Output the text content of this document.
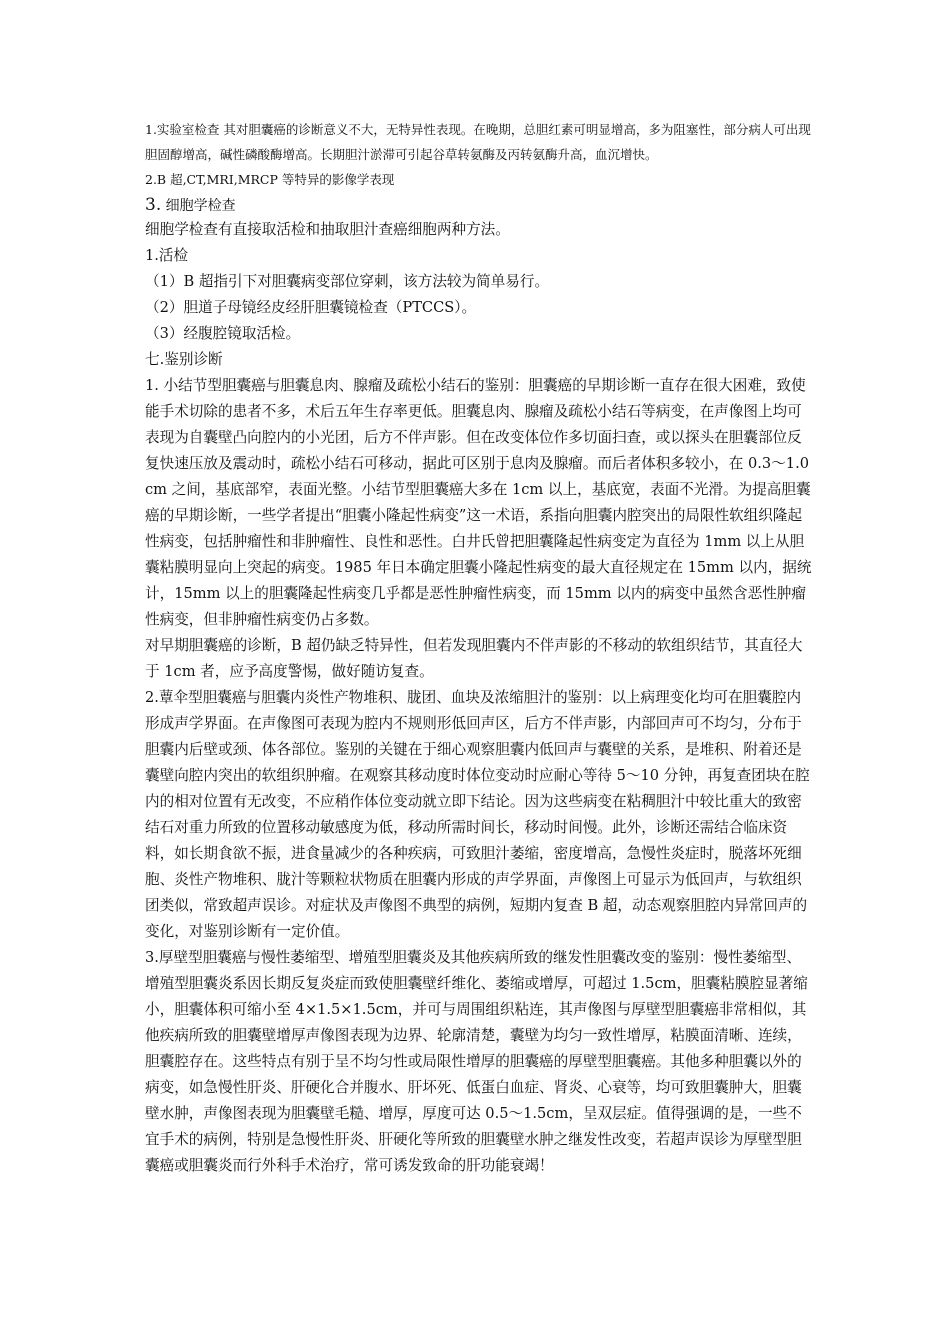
1.实验室检查 其对胆囊癌的诊断意义不大，无特异性表现。在晚期，总胆红素可明显增高，多为阻塞性，部分病人可出现胆固醇增高，碱性磷酸酶增高。长期胆汁淤滞可引起谷草转氨酶及丙转氨酶升高，血沉增快。

2.B 超,CT,MRI,MRCP 等特异的影像学表现

3. 细胞学检查

细胞学检查有直接取活检和抽取胆汁查癌细胞两种方法。

1.活检

（1）B 超指引下对胆囊病变部位穿刺，该方法较为简单易行。

（2）胆道子母镜经皮经肝胆囊镜检查（PTCCS）。

（3）经腹腔镜取活检。

七.鉴别诊断

1. 小结节型胆囊癌与胆囊息肉、腺瘤及疏松小结石的鉴别：胆囊癌的早期诊断一直存在很大困难，致使能手术切除的患者不多，术后五年生存率更低。胆囊息肉、腺瘤及疏松小结石等病变，在声像图上均可表现为自囊壁凸向腔内的小光团，后方不伴声影。但在改变体位作多切面扫查，或以探头在胆囊部位反复快速压放及震动时，疏松小结石可移动，据此可区别于息肉及腺瘤。而后者体积多较小，在 0.3～1.0cm 之间，基底部窄，表面光整。小结节型胆囊癌大多在 1cm 以上，基底宽，表面不光滑。为提高胆囊癌的早期诊断，一些学者提出“胆囊小隆起性病变”这一术语，系指向胆囊内腔突出的局限性软组织隆起性病变，包括肿瘤性和非肿瘤性、良性和恶性。白井氏曾把胆囊隆起性病变定为直径为 1mm 以上从胆囊粘膜明显向上突起的病变。1985 年日本确定胆囊小隆起性病变的最大直径规定在 15mm 以内，据统计，15mm 以上的胆囊隆起性病变几乎都是恶性肿瘤性病变，而 15mm 以内的病变中虽然含恶性肿瘤性病变，但非肿瘤性病变仍占多数。

对早期胆囊癌的诊断，B 超仍缺乏特异性，但若发现胆囊内不伴声影的不移动的软组织结节，其直径大于 1cm 者，应予高度警惕，做好随访复查。

2.蕈伞型胆囊癌与胆囊内炎性产物堆积、胧团、血块及浓缩胆汁的鉴别：以上病理变化均可在胆囊腔内形成声学界面。在声像图可表现为腔内不规则形低回声区，后方不伴声影，内部回声可不均匀，分布于胆囊内后壁或颈、体各部位。鉴别的关键在于细心观察胆囊内低回声与囊壁的关系，是堆积、附着还是囊壁向腔内突出的软组织肿瘤。在观察其移动度时体位变动时应耐心等待 5～10 分钟，再复查团块在腔内的相对位置有无改变，不应稍作体位变动就立即下结论。因为这些病变在粘稠胆汁中较比重大的致密结石对重力所致的位置移动敏感度为低，移动所需时间长，移动时间慢。此外，诊断还需结合临床资料，如长期食欲不振，进食量减少的各种疾病，可致胆汁萎缩，密度增高，急慢性炎症时，脱落坏死细胞、炎性产物堆积、胧汁等颗粒状物质在胆囊内形成的声学界面，声像图上可显示为低回声，与软组织团类似，常致超声误诊。对症状及声像图不典型的病例，短期内复查 B 超，动态观察胆腔内异常回声的变化，对鉴别诊断有一定价值。

3.厚壁型胆囊癌与慢性萎缩型、增殖型胆囊炎及其他疾病所致的继发性胆囊改变的鉴别：慢性萎缩型、增殖型胆囊炎系因长期反复炎症而致使胆囊壁纤维化、萎缩或增厚，可超过 1.5cm，胆囊粘膜腔显著缩小，胆囊体积可缩小至 4×1.5×1.5cm，并可与周围组织粘连，其声像图与厚壁型胆囊癌非常相似，其他疾病所致的胆囊壁增厚声像图表现为边界、轮廓清楚，囊壁为均匀一致性增厚，粘膜面清晰、连续，胆囊腔存在。这些特点有别于呈不均匀性或局限性增厚的胆囊癌的厚壁型胆囊癌。其他多种胆囊以外的病变，如急慢性肝炎、肝硬化合并腹水、肝坏死、低蛋白血症、肾炎、心衰等，均可致胆囊肿大，胆囊壁水肿，声像图表现为胆囊壁毛糙、增厚，厚度可达 0.5～1.5cm，呈双层症。值得强调的是，一些不宜手术的病例，特别是急慢性肝炎、肝硬化等所致的胆囊壁水肿之继发性改变，若超声误诊为厚壁型胆囊癌或胆囊炎而行外科手术治疗，常可诱发致命的肝功能衰竭！
